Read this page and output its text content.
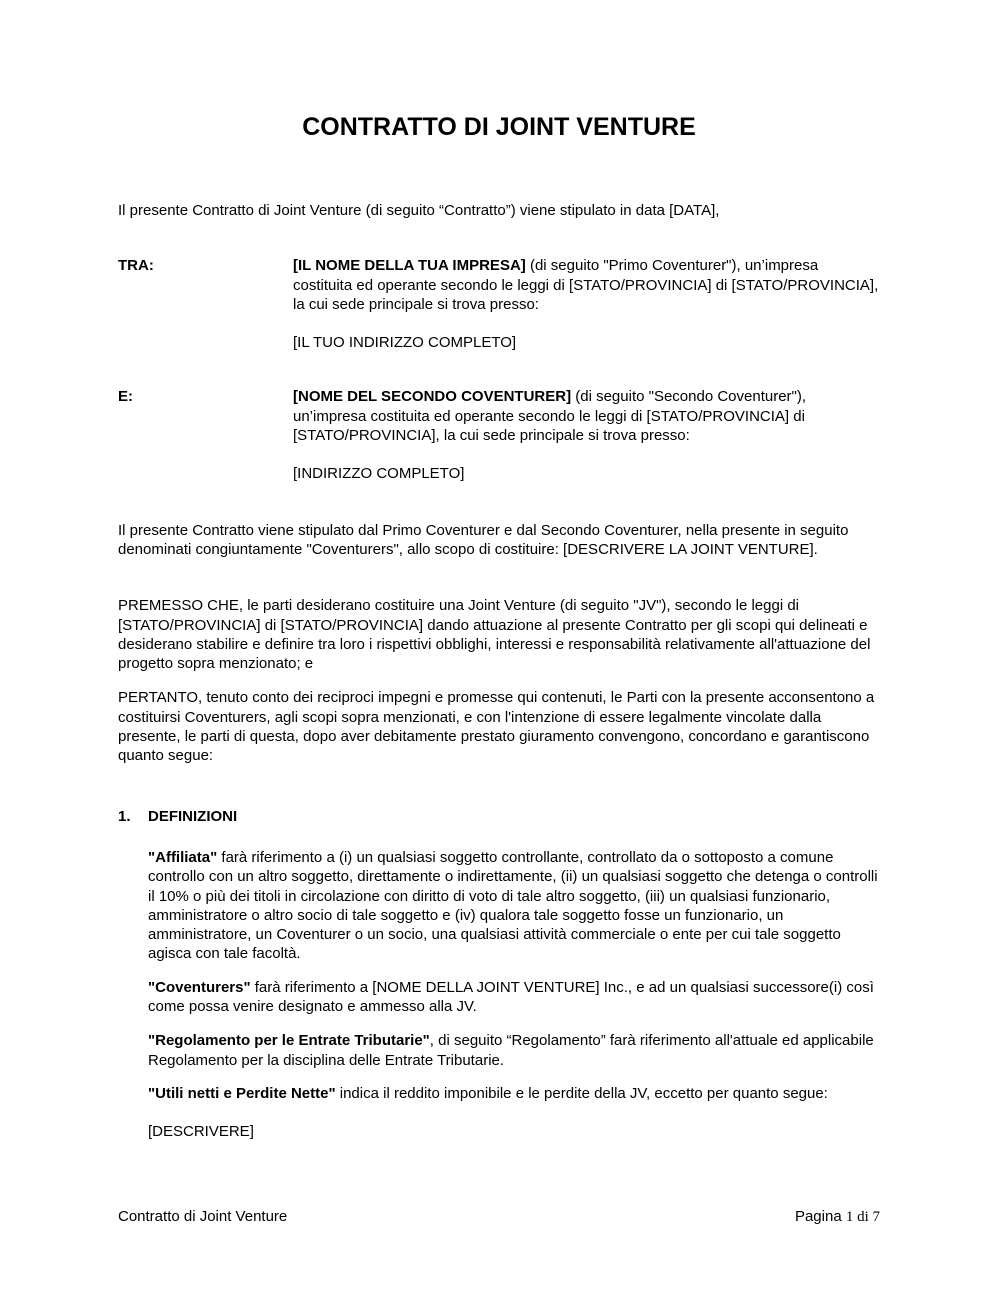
CONTRATTO DI JOINT VENTURE

Il presente Contratto di Joint Venture (di seguito “Contratto”) viene stipulato in data [DATA],

TRA:	[IL NOME DELLA TUA IMPRESA] (di seguito "Primo Coventurer"), un’impresa costituita ed operante secondo le leggi di [STATO/PROVINCIA] di [STATO/PROVINCIA], la cui sede principale si trova presso:

[IL TUO INDIRIZZO COMPLETO]

E:	[NOME DEL SECONDO COVENTURER] (di seguito "Secondo Coventurer"), un’impresa costituita ed operante secondo le leggi di [STATO/PROVINCIA] di [STATO/PROVINCIA], la cui sede principale si trova presso:

[INDIRIZZO COMPLETO]

Il presente Contratto viene stipulato dal Primo Coventurer e dal Secondo Coventurer, nella presente in seguito denominati congiuntamente "Coventurers", allo scopo di costituire: [DESCRIVERE LA JOINT VENTURE].

PREMESSO CHE, le parti desiderano costituire una Joint Venture (di seguito "JV"), secondo le leggi di [STATO/PROVINCIA] di [STATO/PROVINCIA] dando attuazione al presente Contratto per gli scopi qui delineati e desiderano stabilire e definire tra loro i rispettivi obblighi, interessi e responsabilità relativamente all'attuazione del progetto sopra menzionato; e

PERTANTO, tenuto conto dei reciproci impegni e promesse qui contenuti, le Parti con la presente acconsentono a costituirsi Coventurers, agli scopi sopra menzionati, e con l'intenzione di essere legalmente vincolate dalla presente, le parti di questa, dopo aver debitamente prestato giuramento convengono, concordano e garantiscono quanto segue:

1.	DEFINIZIONI

"Affiliata" farà riferimento a (i) un qualsiasi soggetto controllante, controllato da o sottoposto a comune controllo con un altro soggetto, direttamente o indirettamente, (ii) un qualsiasi soggetto che detenga o controlli il 10% o più dei titoli in circolazione con diritto di voto di tale altro soggetto, (iii) un qualsiasi funzionario, amministratore o altro socio di tale soggetto e (iv) qualora tale soggetto fosse un funzionario, un amministratore, un Coventurer o un socio, una qualsiasi attività commerciale o ente per cui tale soggetto agisca con tale facoltà.

"Coventurers" farà riferimento a [NOME DELLA JOINT VENTURE] Inc., e ad un qualsiasi successore(i) così come possa venire designato e ammesso alla JV.

"Regolamento per le Entrate Tributarie", di seguito “Regolamento” farà riferimento all'attuale ed applicabile Regolamento per la disciplina delle Entrate Tributarie.

"Utili netti e Perdite Nette" indica il reddito imponibile e le perdite della JV, eccetto per quanto segue:

[DESCRIVERE]

Contratto di Joint Venture	Pagina 1 di 7
